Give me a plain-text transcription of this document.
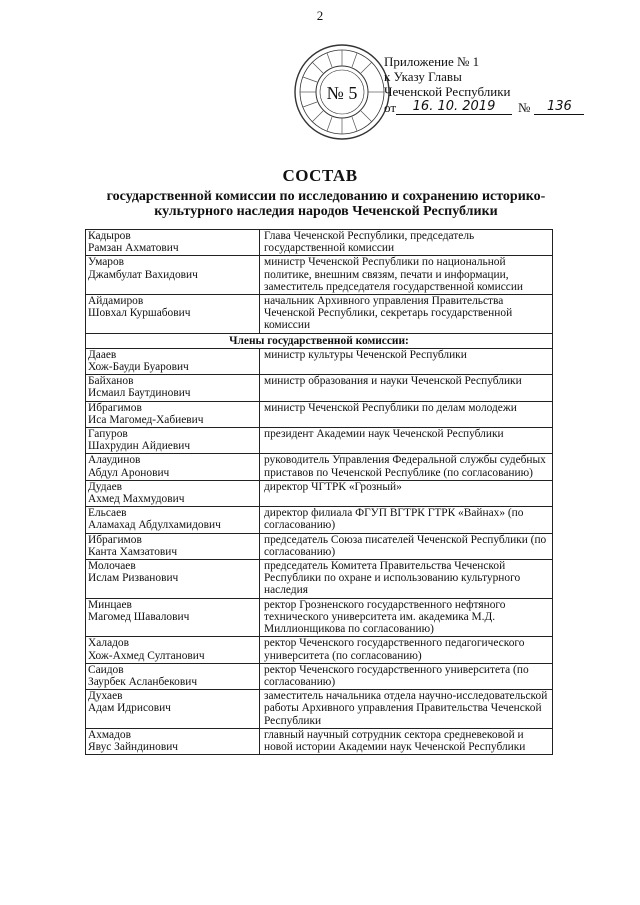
2
№ 5
Приложение № 1
к Указу Главы
Чеченской Республики
от	16. 10. 2019	№	136
СОСТАВ
государственной комиссии по исследованию и сохранению историко-культурного наследия народов Чеченской Республики
Кадыров
Рамзан Ахматович	Глава Чеченской Республики, председатель государственной комиссии

Умаров
Джамбулат Вахидович	министр Чеченской Республики по национальной политике, внешним связям, печати и информации, заместитель председателя государственной комиссии

Айдамиров
Шовхал Куршабович	начальник Архивного управления Правительства Чеченской Республики, секретарь государственной комиссии
Члены государственной комиссии:	

Дааев
Хож-Бауди Буарович	министр культуры Чеченской Республики

Байханов
Исмаил Баутдинович	министр образования и науки Чеченской Республики

Ибрагимов
Иса Магомед-Хабиевич	министр Чеченской Республики по делам молодежи

Гапуров
Шахрудин Айдиевич	президент Академии наук Чеченской Республики

Алаудинов
Абдул Аронович	руководитель Управления Федеральной службы судебных приставов по Чеченской Республике (по согласованию)

Дудаев
Ахмед Махмудович	директор ЧГТРК «Грозный»

Ельсаев
Аламахад Абдулхамидович	директор филиала ФГУП ВГТРК ГТРК «Вайнах» (по согласованию)

Ибрагимов
Канта Хамзатович	председатель Союза писателей Чеченской Республики (по согласованию)

Молочаев
Ислам Ризванович	председатель Комитета Правительства Чеченской Республики по охране и использованию культурного наследия

Минцаев
Магомед Шавалович	ректор Грозненского государственного нефтяного технического университета им. академика М.Д. Миллионщикова по согласованию)

Халадов
Хож-Ахмед Султанович	ректор Чеченского государственного педагогического университета (по согласованию)

Саидов
Заурбек Асланбекович	ректор Чеченского государственного университета (по согласованию)

Духаев
Адам Идрисович	заместитель начальника отдела научно-исследовательской работы Архивного управления Правительства Чеченской Республики

Ахмадов
Явус Зайндинович	главный научный сотрудник сектора средневековой и новой истории Академии наук Чеченской Республики
